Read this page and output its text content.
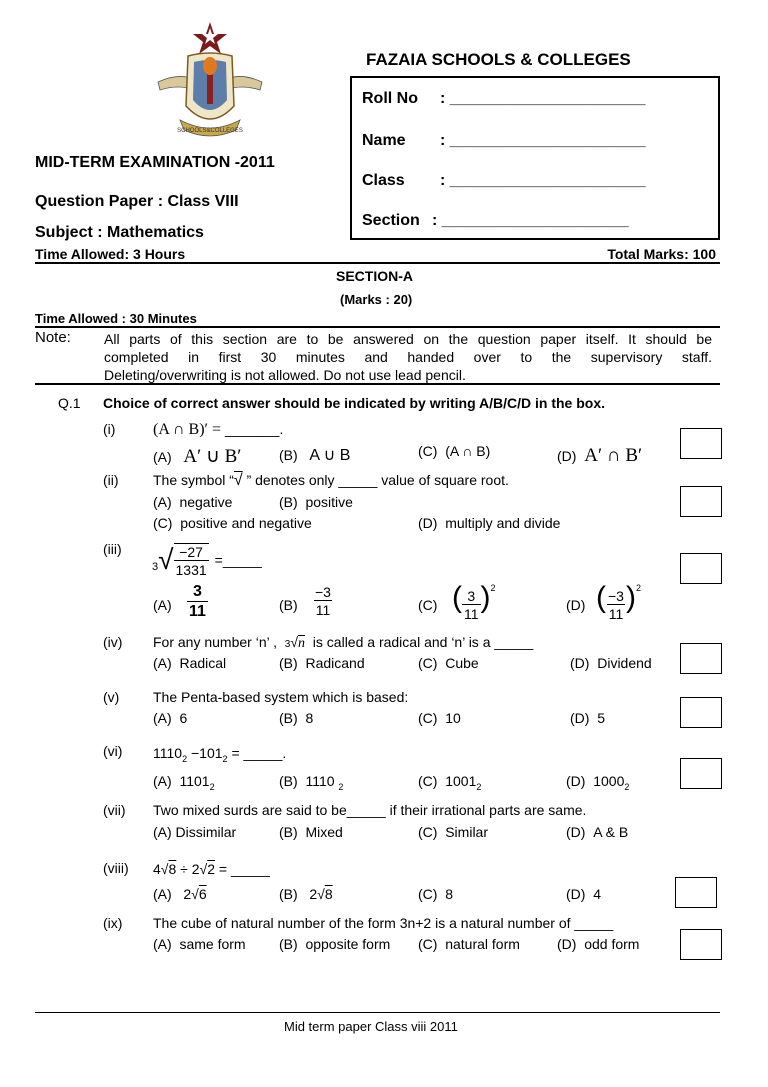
SCHOOLS&COLLEGES
FAZAIA SCHOOLS & COLLEGES
Roll No : ______________________
Name : ______________________
Class : ______________________
Section : _____________________
MID-TERM EXAMINATION -2011
Question Paper : Class VIII
Subject : Mathematics
Time Allowed: 3 Hours	Total Marks: 100
SECTION-A
(Marks : 20)
Time Allowed : 30 Minutes
Note: All parts of this section are to be answered on the question paper itself. It should be
completed in first 30 minutes and handed over to the supervisory staff.
Deleting/overwriting is not allowed. Do not use lead pencil.
Q.1 Choice of correct answer should be indicated by writing A/B/C/D in the box.
(i) (A ∩ B)′ = _______.
(A) A′ ∪ B′	(B) A ∪ B	(C) (A ∩ B)	(D) A′ ∩ B′
(ii) The symbol “√ ” denotes only _____ value of square root.
(A) negative	(B) positive
(C) positive and negative	(D) multiply and divide
(iii)
3 √ $\frac{-27}{1331}$ =_____
$(A) \frac{3}{11}$	$(B) \frac{-3}{11}$	(C) ( $\frac{3}{11}$ ) 2
(D) ( $\frac{-3}{11}$ ) 2
(iv) For any number ‘n’ , 3√n is called a radical and ‘n’ is a _____
(A) Radical	(B) Radicand	(C) Cube	(D) Dividend
(v) The Penta-based system which is based:
(A) 6	(B) 8	(C) 10	(D) 5
(vi) $1110_2 -101_2$ = _____.
(A) $1101_2$	(B) 1110 $_2$	(C) $1001_2$	(D) $1000_2$
(vii) Two mixed surds are said to be_____ if their irrational parts are same.
(A) Dissimilar	(B) Mixed	(C) Similar	(D) A & B
(viii) 4√8 ÷ 2√2 = _____
(A) 2√6	(B) 2√8	(C) 8	(D) 4
(ix) The cube of natural number of the form 3n+2 is a natural number of _____
(A) same form (B) opposite form (C) natural form	(D) odd form
Mid term paper Class viii 2011
